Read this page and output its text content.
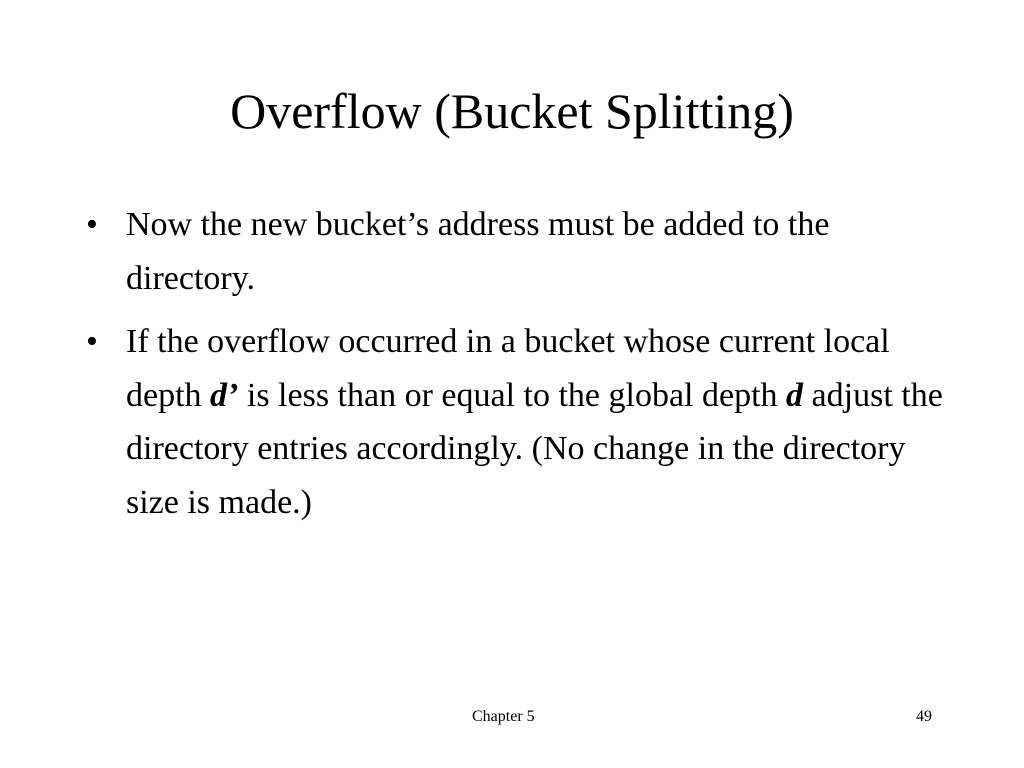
Overflow (Bucket Splitting)
• Now the new bucket’s address must be added to the directory.
• If the overflow occurred in a bucket whose current local depth d’ is less than or equal to the global depth d adjust the directory entries accordingly. (No change in the directory size is made.)
Chapter 5	49
